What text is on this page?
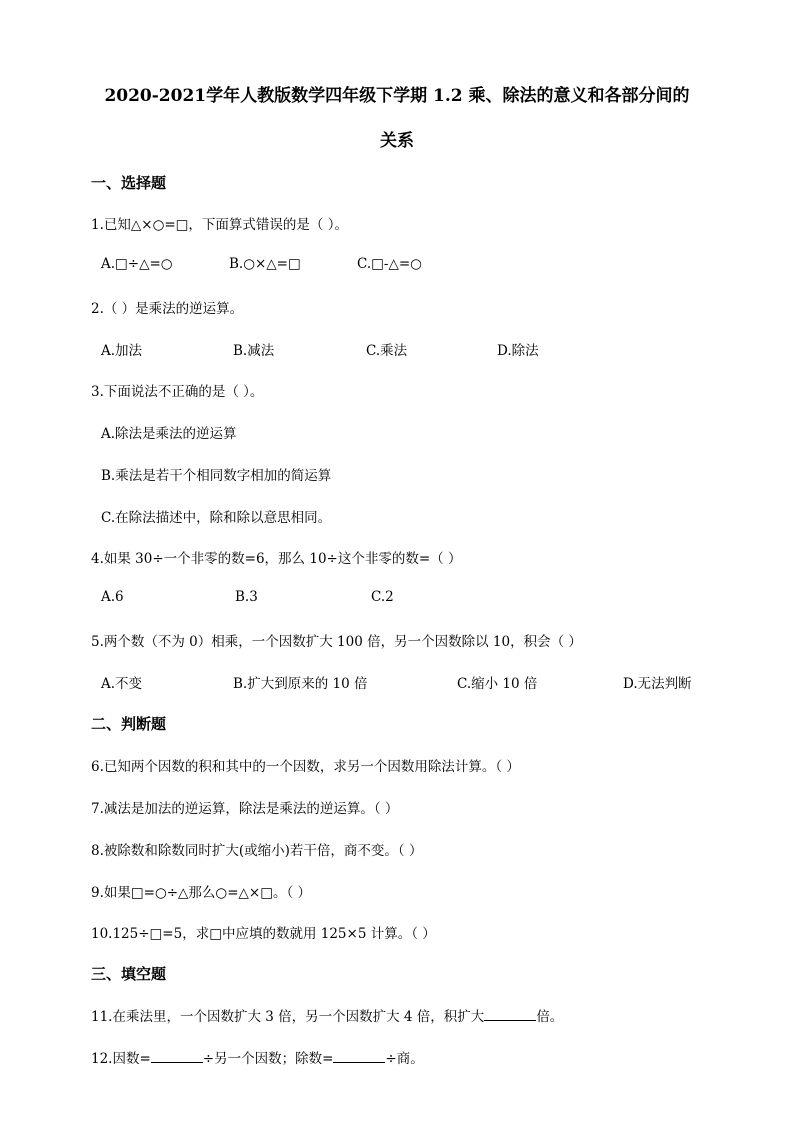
2020-2021学年人教版数学四年级下学期 1.2 乘、除法的意义和各部分间的
关系
一、选择题
1.已知△×○=□，下面算式错误的是（ ）。
A.□÷△=○	B.○×△=□	C.□-△=○
2.（ ）是乘法的逆运算。
A.加法	B.减法	C.乘法	D.除法
3.下面说法不正确的是（ ）。
A.除法是乘法的逆运算
B.乘法是若干个相同数字相加的简运算
C.在除法描述中，除和除以意思相同。
4.如果 30÷一个非零的数=6，那么 10÷这个非零的数=（ ）
A.6	B.3	C.2
5.两个数（不为 0）相乘，一个因数扩大 100 倍，另一个因数除以 10，积会（ ）
A.不变	B.扩大到原来的 10 倍	C.缩小 10 倍	D.无法判断
二、判断题
6.已知两个因数的积和其中的一个因数，求另一个因数用除法计算。（ ）
7.减法是加法的逆运算，除法是乘法的逆运算。（ ）
8.被除数和除数同时扩大(或缩小)若干倍，商不变。（ ）
9.如果□=○÷△那么○=△×□。（ ）
10.125÷□=5，求□中应填的数就用 125×5 计算。（ ）
三、填空题
11.在乘法里，一个因数扩大 3 倍，另一个因数扩大 4 倍，积扩大	倍。
12.因数=	÷另一个因数；除数=	÷商。
